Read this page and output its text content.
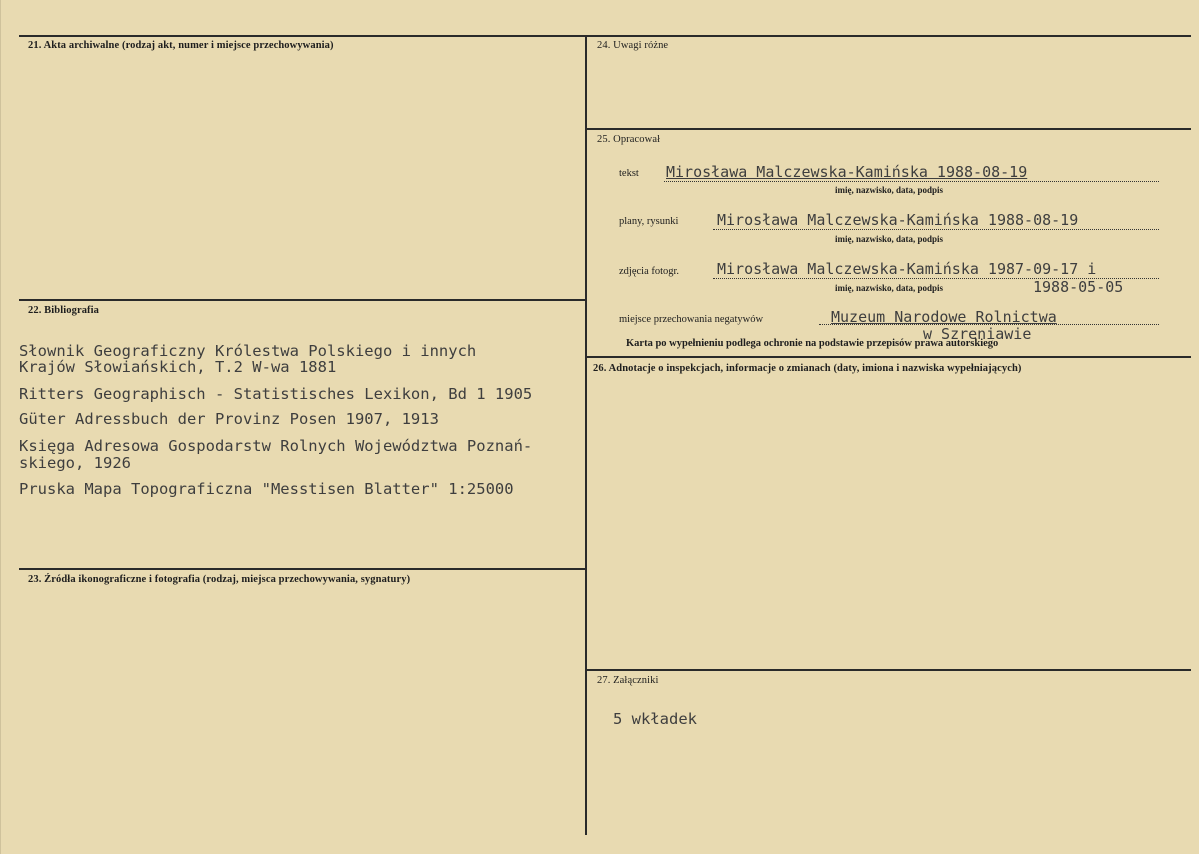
21. Akta archiwalne (rodzaj akt, numer i miejsce przechowywania)
22. Bibliografia
Słownik Geograficzny Królestwa Polskiego i innych
Krajów Słowiańskich, T.2 W-wa 1881
Ritters Geographisch - Statistisches Lexikon, Bd 1 1905
Güter Adressbuch der Provinz Posen 1907, 1913
Księga Adresowa Gospodarstw Rolnych Województwa Poznań-
skiego, 1926
Pruska Mapa Topograficzna "Messtisen Blatter" 1:25000
23. Źródła ikonograficzne i fotografia (rodzaj, miejsca przechowywania, sygnatury)
24. Uwagi różne
25. Opracował
tekst Mirosława Malczewska-Kamińska 1988-08-19
imię, nazwisko, data, podpis
plany, rysunki	Mirosława Malczewska-Kamińska 1988-08-19
imię, nazwisko, data, podpis
zdjęcia fotogr.	Mirosława Malczewska-Kamińska 1987-09-17 i
1988-05-05
imię, nazwisko, data, podpis
miejsce przechowania negatywów	Muzeum Narodowe Rolnictwa
w Szreniawie
Karta po wypełnieniu podlega ochronie na podstawie przepisów prawa autorskiego
26. Adnotacje o inspekcjach, informacje o zmianach (daty, imiona i nazwiska wypełniających)
27. Załączniki
5 wkładek
